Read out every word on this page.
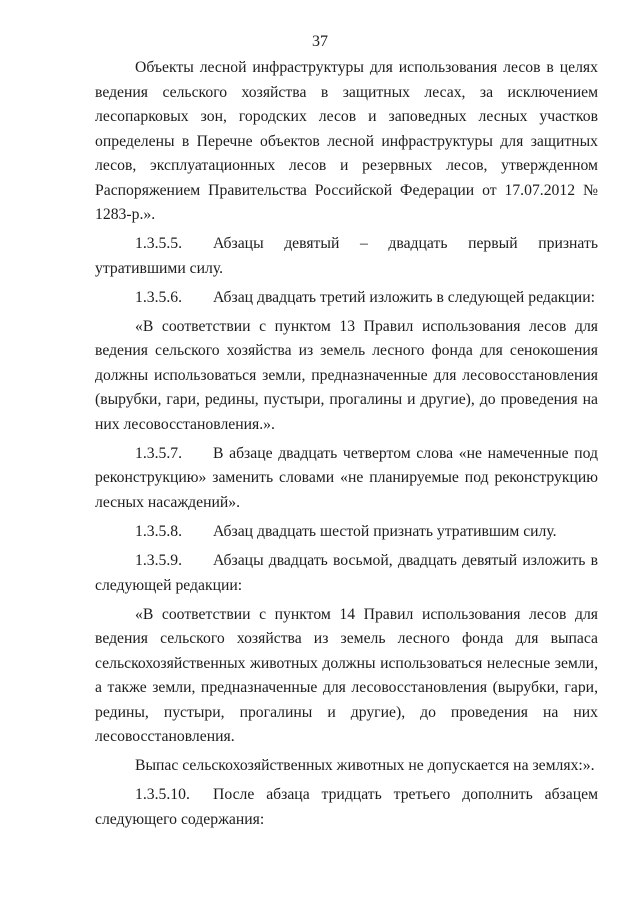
37

Объекты лесной инфраструктуры для использования лесов в целях ведения сельского хозяйства в защитных лесах, за исключением лесопарковых зон, городских лесов и заповедных лесных участков определены в Перечне объектов лесной инфраструктуры для защитных лесов, эксплуатационных лесов и резервных лесов, утвержденном Распоряжением Правительства Российской Федерации от 17.07.2012 № 1283-р.».

1.3.5.5. Абзацы девятый – двадцать первый признать утратившими силу.

1.3.5.6. Абзац двадцать третий изложить в следующей редакции:

«В соответствии с пунктом 13 Правил использования лесов для ведения сельского хозяйства из земель лесного фонда для сенокошения должны использоваться земли, предназначенные для лесовосстановления (вырубки, гари, редины, пустыри, прогалины и другие), до проведения на них лесовосстановления.».

1.3.5.7. В абзаце двадцать четвертом слова «не намеченные под реконструкцию» заменить словами «не планируемые под реконструкцию лесных насаждений».

1.3.5.8. Абзац двадцать шестой признать утратившим силу.

1.3.5.9. Абзацы двадцать восьмой, двадцать девятый изложить в следующей редакции:

«В соответствии с пунктом 14 Правил использования лесов для ведения сельского хозяйства из земель лесного фонда для выпаса сельскохозяйственных животных должны использоваться нелесные земли, а также земли, предназначенные для лесовосстановления (вырубки, гари, редины, пустыри, прогалины и другие), до проведения на них лесовосстановления.

Выпас сельскохозяйственных животных не допускается на землях:».

1.3.5.10. После абзаца тридцать третьего дополнить абзацем следующего содержания:
